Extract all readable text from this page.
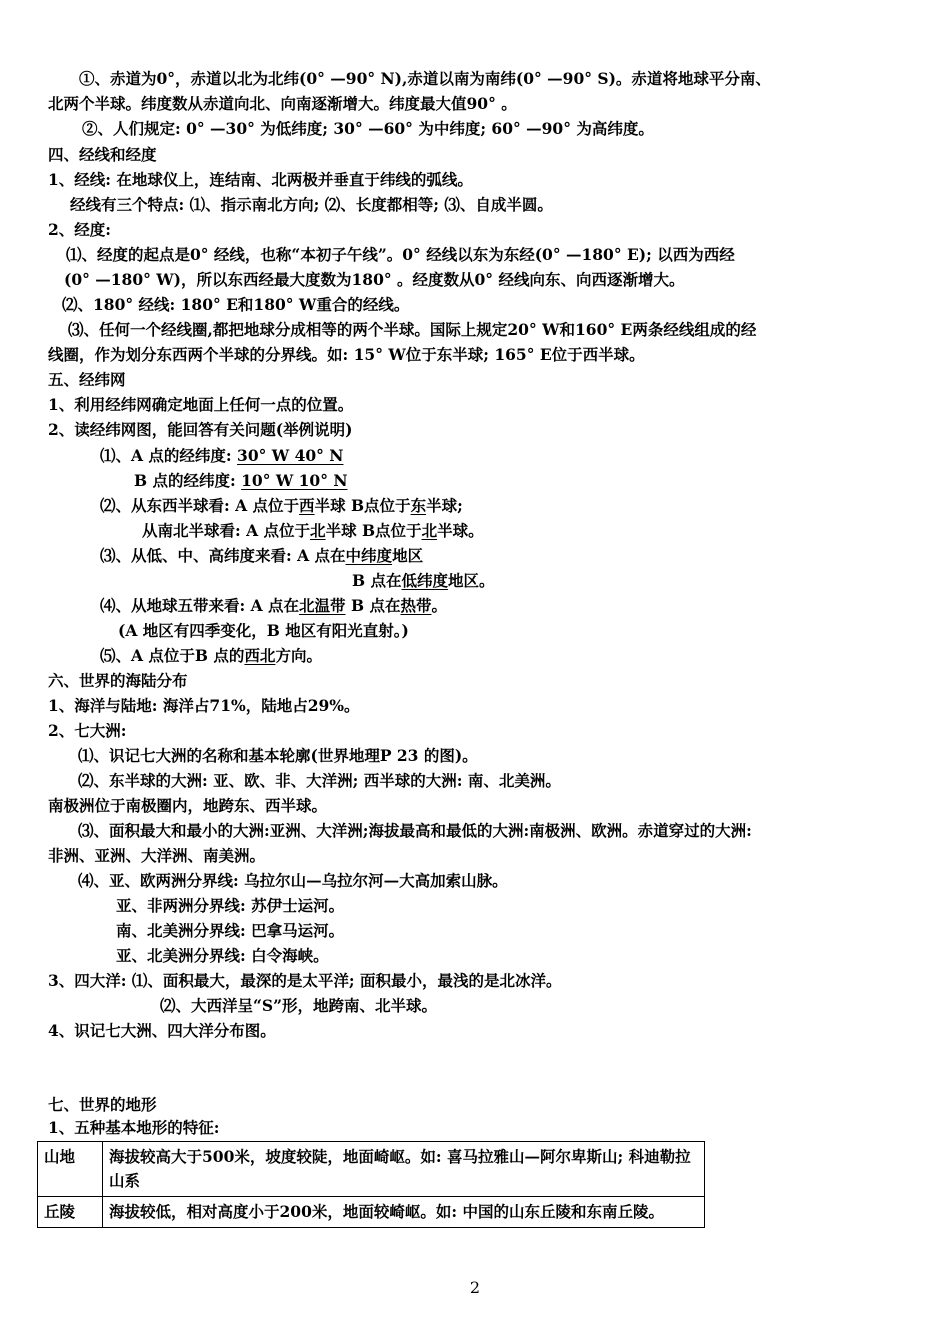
①、赤道为0°，赤道以北为北纬(0° —90° N),赤道以南为南纬(0° —90° S)。赤道将地球平分南、
北两个半球。纬度数从赤道向北、向南逐渐增大。纬度最大值90° 。
②、人们规定: 0° —30° 为低纬度; 30° —60° 为中纬度; 60° —90° 为高纬度。
四、经线和经度
1、经线: 在地球仪上，连结南、北两极并垂直于纬线的弧线。
经线有三个特点: ⑴、指示南北方向; ⑵、长度都相等; ⑶、自成半圆。
2、经度:
⑴、经度的起点是0° 经线，也称“本初子午线”。0° 经线以东为东经(0° —180° E); 以西为西经
(0° —180° W)，所以东西经最大度数为180° 。经度数从0° 经线向东、向西逐渐增大。
⑵、180° 经线: 180° E和180° W重合的经线。
⑶、任何一个经线圈,都把地球分成相等的两个半球。国际上规定20° W和160° E两条经线组成的经
线圈，作为划分东西两个半球的分界线。如: 15° W位于东半球; 165° E位于西半球。
五、经纬网
1、利用经纬网确定地面上任何一点的位置。
2、读经纬网图，能回答有关问题(举例说明)
⑴、A 点的经纬度: 30° W 40° N
B 点的经纬度: 10° W 10° N
⑵、从东西半球看: A 点位于西半球 B点位于东半球;
从南北半球看: A 点位于北半球 B点位于北半球。
⑶、从低、中、高纬度来看: A 点在中纬度地区
B 点在低纬度地区。
⑷、从地球五带来看: A 点在北温带 B 点在热带。
(A 地区有四季变化，B 地区有阳光直射。)
⑸、A 点位于B 点的西北方向。
六、世界的海陆分布
1、海洋与陆地: 海洋占71%，陆地占29%。
2、七大洲:
⑴、识记七大洲的名称和基本轮廓(世界地理P 23 的图)。
⑵、东半球的大洲: 亚、欧、非、大洋洲; 西半球的大洲: 南、北美洲。
南极洲位于南极圈内，地跨东、西半球。
⑶、面积最大和最小的大洲:亚洲、大洋洲;海拔最高和最低的大洲:南极洲、欧洲。赤道穿过的大洲:
非洲、亚洲、大洋洲、南美洲。
⑷、亚、欧两洲分界线: 乌拉尔山—乌拉尔河—大高加索山脉。
亚、非两洲分界线: 苏伊士运河。
南、北美洲分界线: 巴拿马运河。
亚、北美洲分界线: 白令海峡。
3、四大洋: ⑴、面积最大，最深的是太平洋; 面积最小，最浅的是北冰洋。
⑵、大西洋呈“S”形，地跨南、北半球。
4、识记七大洲、四大洋分布图。
七、世界的地形
1、五种基本地形的特征:
山地	海拔较高大于500米，坡度较陡，地面崎岖。如: 喜马拉雅山—阿尔卑斯山; 科迪勒拉山系
丘陵	海拔较低，相对高度小于200米，地面较崎岖。如: 中国的山东丘陵和东南丘陵。
2
